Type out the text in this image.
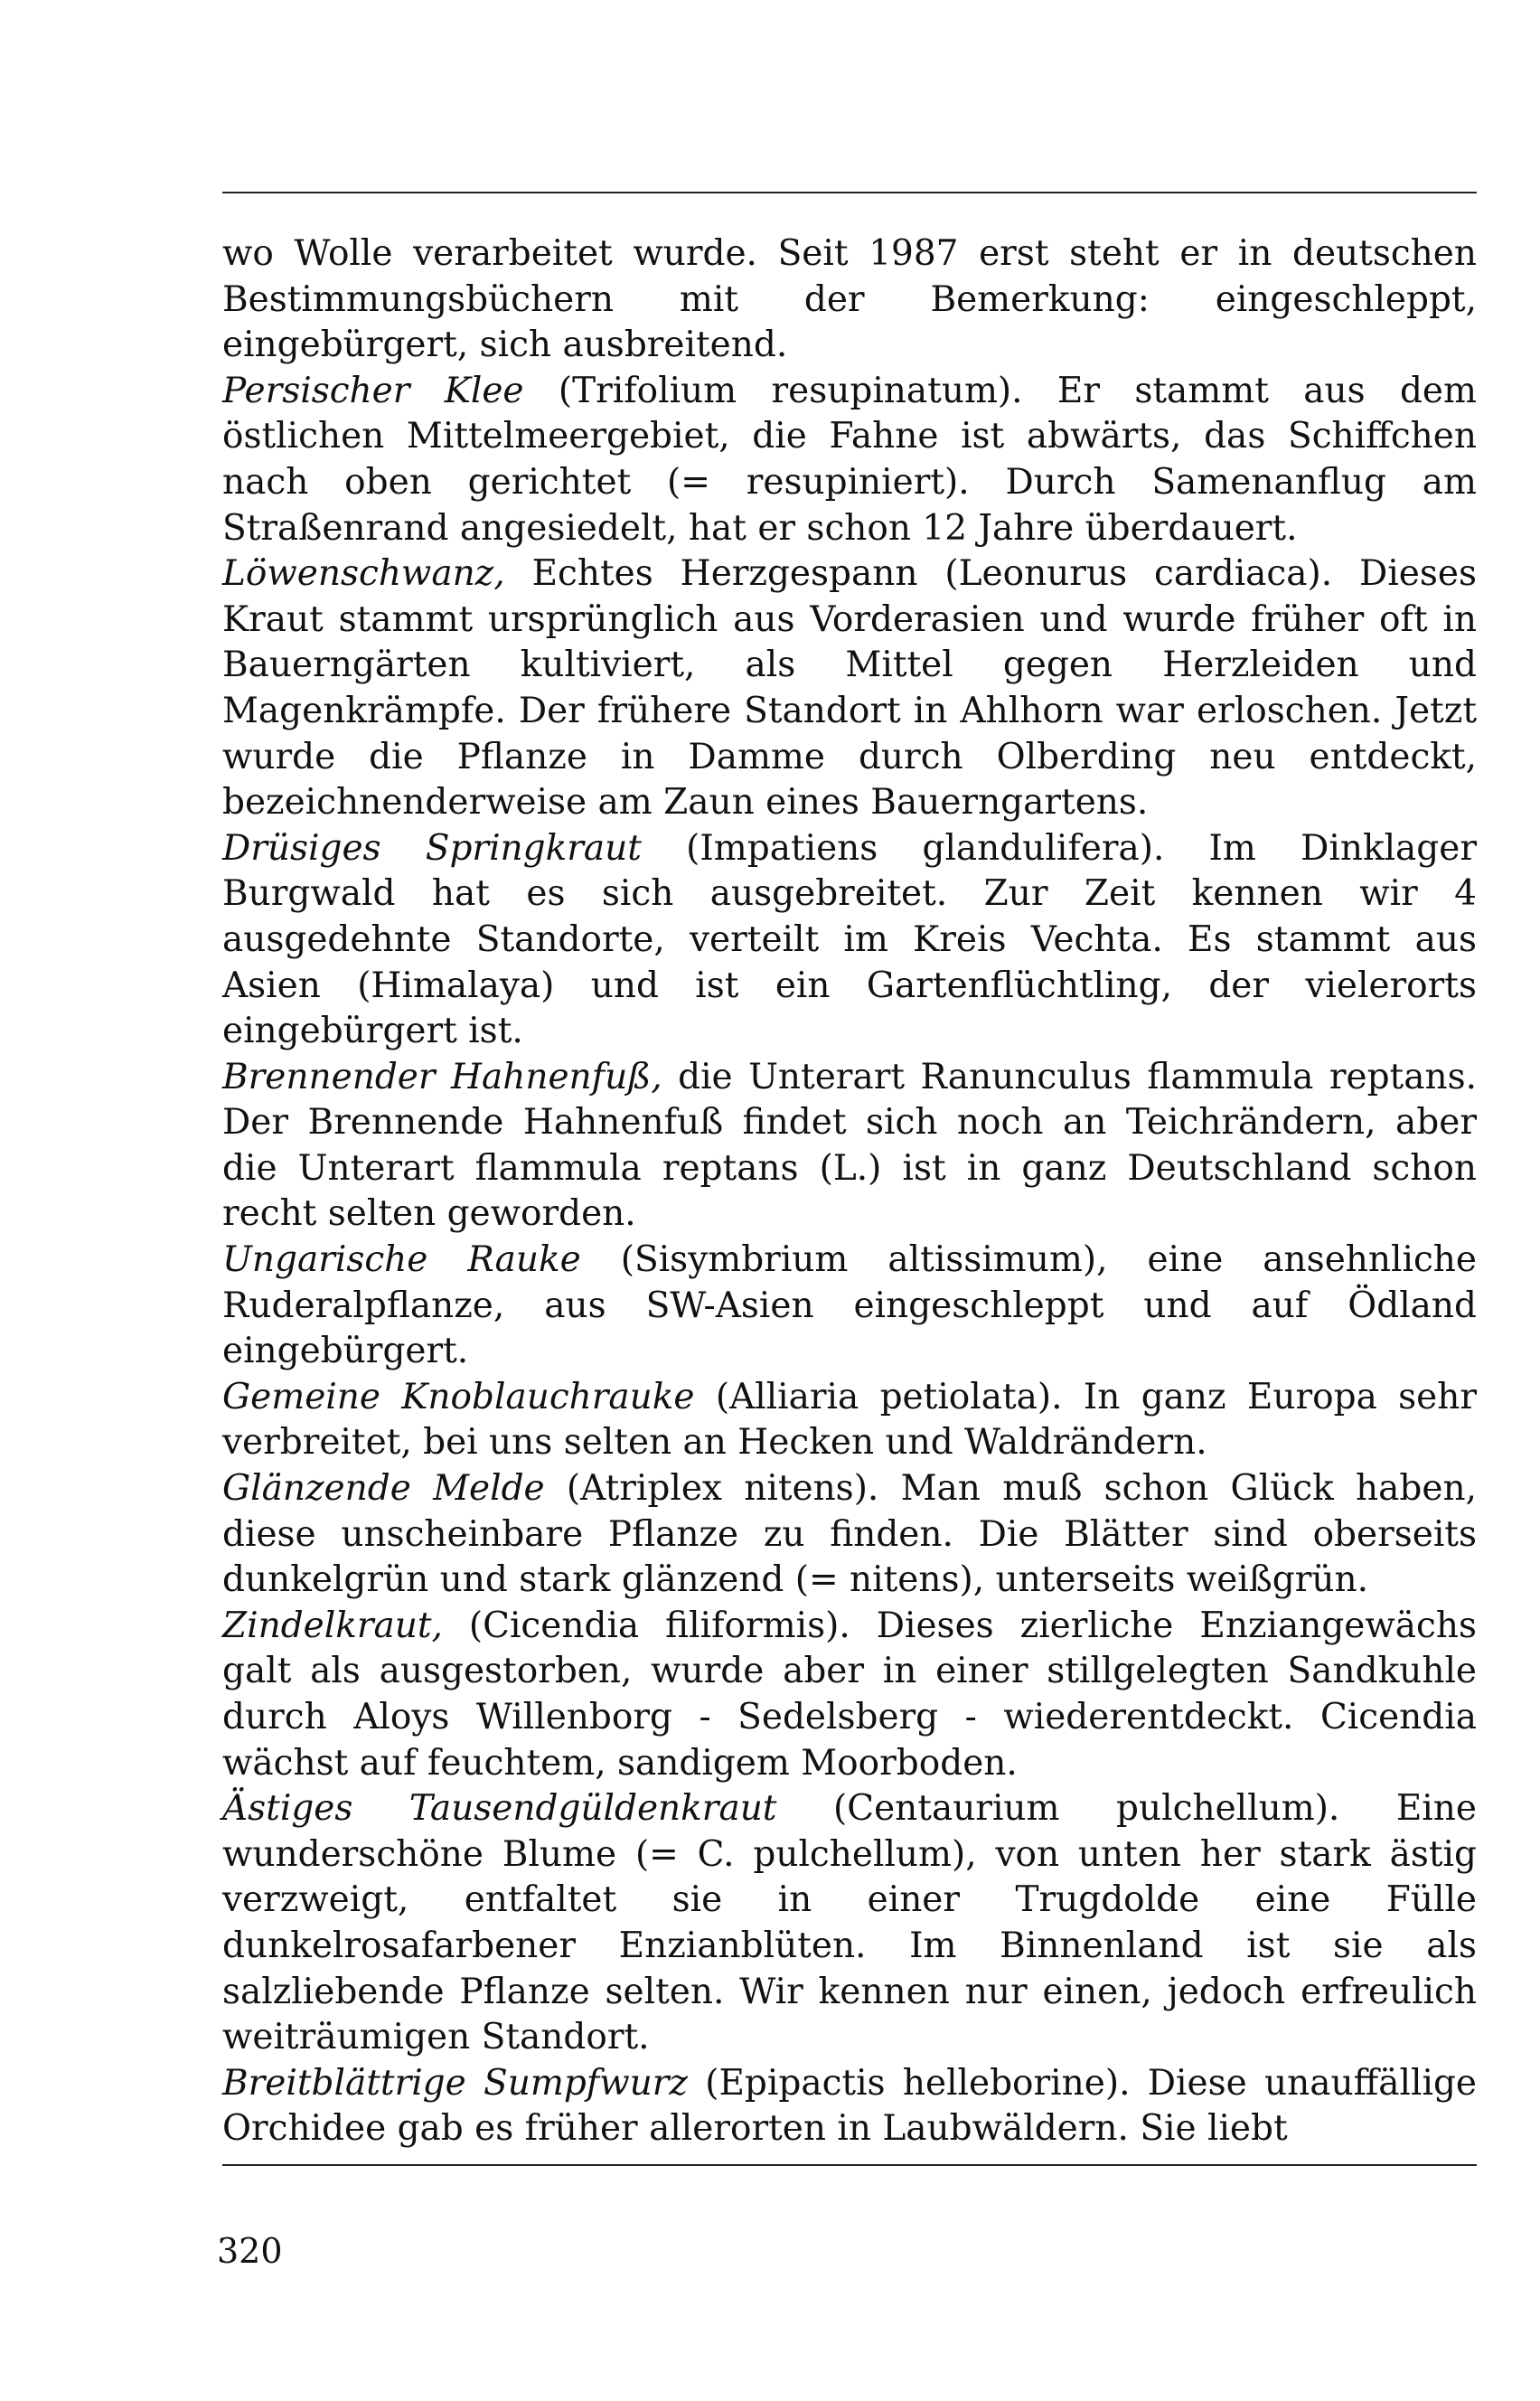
wo Wolle verarbeitet wurde. Seit 1987 erst steht er in deutschen Bestimmungsbüchern mit der Bemerkung: eingeschleppt, eingebürgert, sich ausbreitend.

Persischer Klee (Trifolium resupinatum). Er stammt aus dem östlichen Mittelmeergebiet, die Fahne ist abwärts, das Schiffchen nach oben gerichtet (= resupiniert). Durch Samenanflug am Straßenrand angesiedelt, hat er schon 12 Jahre überdauert.

Löwenschwanz, Echtes Herzgespann (Leonurus cardiaca). Dieses Kraut stammt ursprünglich aus Vorderasien und wurde früher oft in Bauerngärten kultiviert, als Mittel gegen Herzleiden und Magenkrämpfe. Der frühere Standort in Ahlhorn war erloschen. Jetzt wurde die Pflanze in Damme durch Olberding neu entdeckt, bezeichnenderweise am Zaun eines Bauerngartens.

Drüsiges Springkraut (Impatiens glandulifera). Im Dinklager Burgwald hat es sich ausgebreitet. Zur Zeit kennen wir 4 ausgedehnte Standorte, verteilt im Kreis Vechta. Es stammt aus Asien (Himalaya) und ist ein Gartenflüchtling, der vielerorts eingebürgert ist.

Brennender Hahnenfuß, die Unterart Ranunculus flammula reptans. Der Brennende Hahnenfuß findet sich noch an Teichrändern, aber die Unterart flammula reptans (L.) ist in ganz Deutschland schon recht selten geworden.

Ungarische Rauke (Sisymbrium altissimum), eine ansehnliche Ruderalpflanze, aus SW-Asien eingeschleppt und auf Ödland eingebürgert.

Gemeine Knoblauchrauke (Alliaria petiolata). In ganz Europa sehr verbreitet, bei uns selten an Hecken und Waldrändern.

Glänzende Melde (Atriplex nitens). Man muß schon Glück haben, diese unscheinbare Pflanze zu finden. Die Blätter sind oberseits dunkelgrün und stark glänzend (= nitens), unterseits weißgrün.

Zindelkraut, (Cicendia filiformis). Dieses zierliche Enziangewächs galt als ausgestorben, wurde aber in einer stillgelegten Sandkuhle durch Aloys Willenborg - Sedelsberg - wiederentdeckt. Cicendia wächst auf feuchtem, sandigem Moorboden.

Ästiges Tausendgüldenkraut (Centaurium pulchellum). Eine wunderschöne Blume (= C. pulchellum), von unten her stark ästig verzweigt, entfaltet sie in einer Trugdolde eine Fülle dunkelrosafarbener Enzianblüten. Im Binnenland ist sie als salzliebende Pflanze selten. Wir kennen nur einen, jedoch erfreulich weiträumigen Standort.

Breitblättrige Sumpfwurz (Epipactis helleborine). Diese unauffällige Orchidee gab es früher allerorten in Laubwäldern. Sie liebt

320
